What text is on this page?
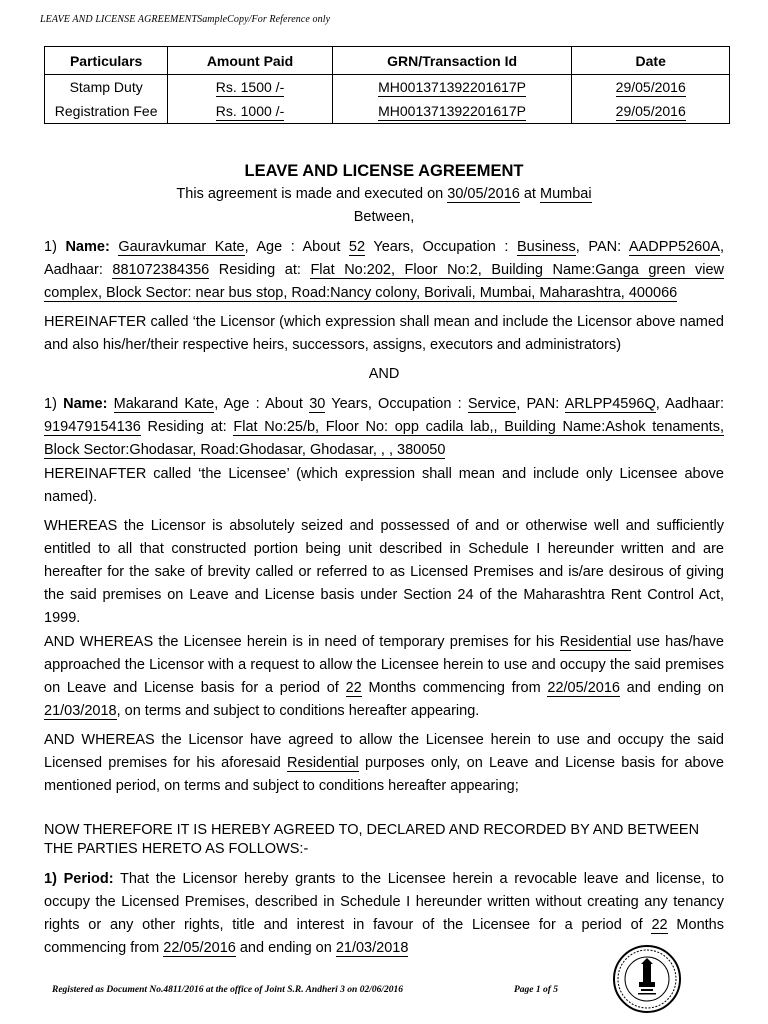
LEAVE AND LICENSE AGREEMENTSampleCopy/For Reference only
Particulars	Amount Paid	GRN/Transaction Id	Date
Stamp Duty	Rs. 1500 /-	MH001371392201617P	29/05/2016
Registration Fee	Rs. 1000 /-	MH001371392201617P	29/05/2016
LEAVE AND LICENSE AGREEMENT
This agreement is made and executed on 30/05/2016 at Mumbai
Between,
1) Name: Gauravkumar Kate, Age : About 52 Years, Occupation : Business, PAN: AADPP5260A, Aadhaar: 881072384356 Residing at: Flat No:202, Floor No:2, Building Name:Ganga green view complex, Block Sector: near bus stop, Road:Nancy colony, Borivali, Mumbai, Maharashtra, 400066
HEREINAFTER called ‘the Licensor (which expression shall mean and include the Licensor above named and also his/her/their respective heirs, successors, assigns, executors and administrators)
AND
1) Name: Makarand Kate, Age : About 30 Years, Occupation : Service, PAN: ARLPP4596Q, Aadhaar: 919479154136 Residing at: Flat No:25/b, Floor No: opp cadila lab,, Building Name:Ashok tenaments, Block Sector:Ghodasar, Road:Ghodasar, Ghodasar, , , 380050
HEREINAFTER called ‘the Licensee’ (which expression shall mean and include only Licensee above named).
WHEREAS the Licensor is absolutely seized and possessed of and or otherwise well and sufficiently entitled to all that constructed portion being unit described in Schedule I hereunder written and are hereafter for the sake of brevity called or referred to as Licensed Premises and is/are desirous of giving the said premises on Leave and License basis under Section 24 of the Maharashtra Rent Control Act, 1999.
AND WHEREAS the Licensee herein is in need of temporary premises for his Residential use has/have approached the Licensor with a request to allow the Licensee herein to use and occupy the said premises on Leave and License basis for a period of 22 Months commencing from 22/05/2016 and ending on 21/03/2018, on terms and subject to conditions hereafter appearing.
AND WHEREAS the Licensor have agreed to allow the Licensee herein to use and occupy the said Licensed premises for his aforesaid Residential purposes only, on Leave and License basis for above mentioned period, on terms and subject to conditions hereafter appearing;
NOW THEREFORE IT IS HEREBY AGREED TO, DECLARED AND RECORDED BY AND BETWEEN THE PARTIES HERETO AS FOLLOWS:-
1) Period: That the Licensor hereby grants to the Licensee herein a revocable leave and license, to occupy the Licensed Premises, described in Schedule I hereunder written without creating any tenancy rights or any other rights, title and interest in favour of the Licensee for a period of 22 Months commencing from 22/05/2016 and ending on 21/03/2018
Registered as Document No.4811/2016 at the office of Joint S.R. Andheri 3 on 02/06/2016	Page 1 of 5
